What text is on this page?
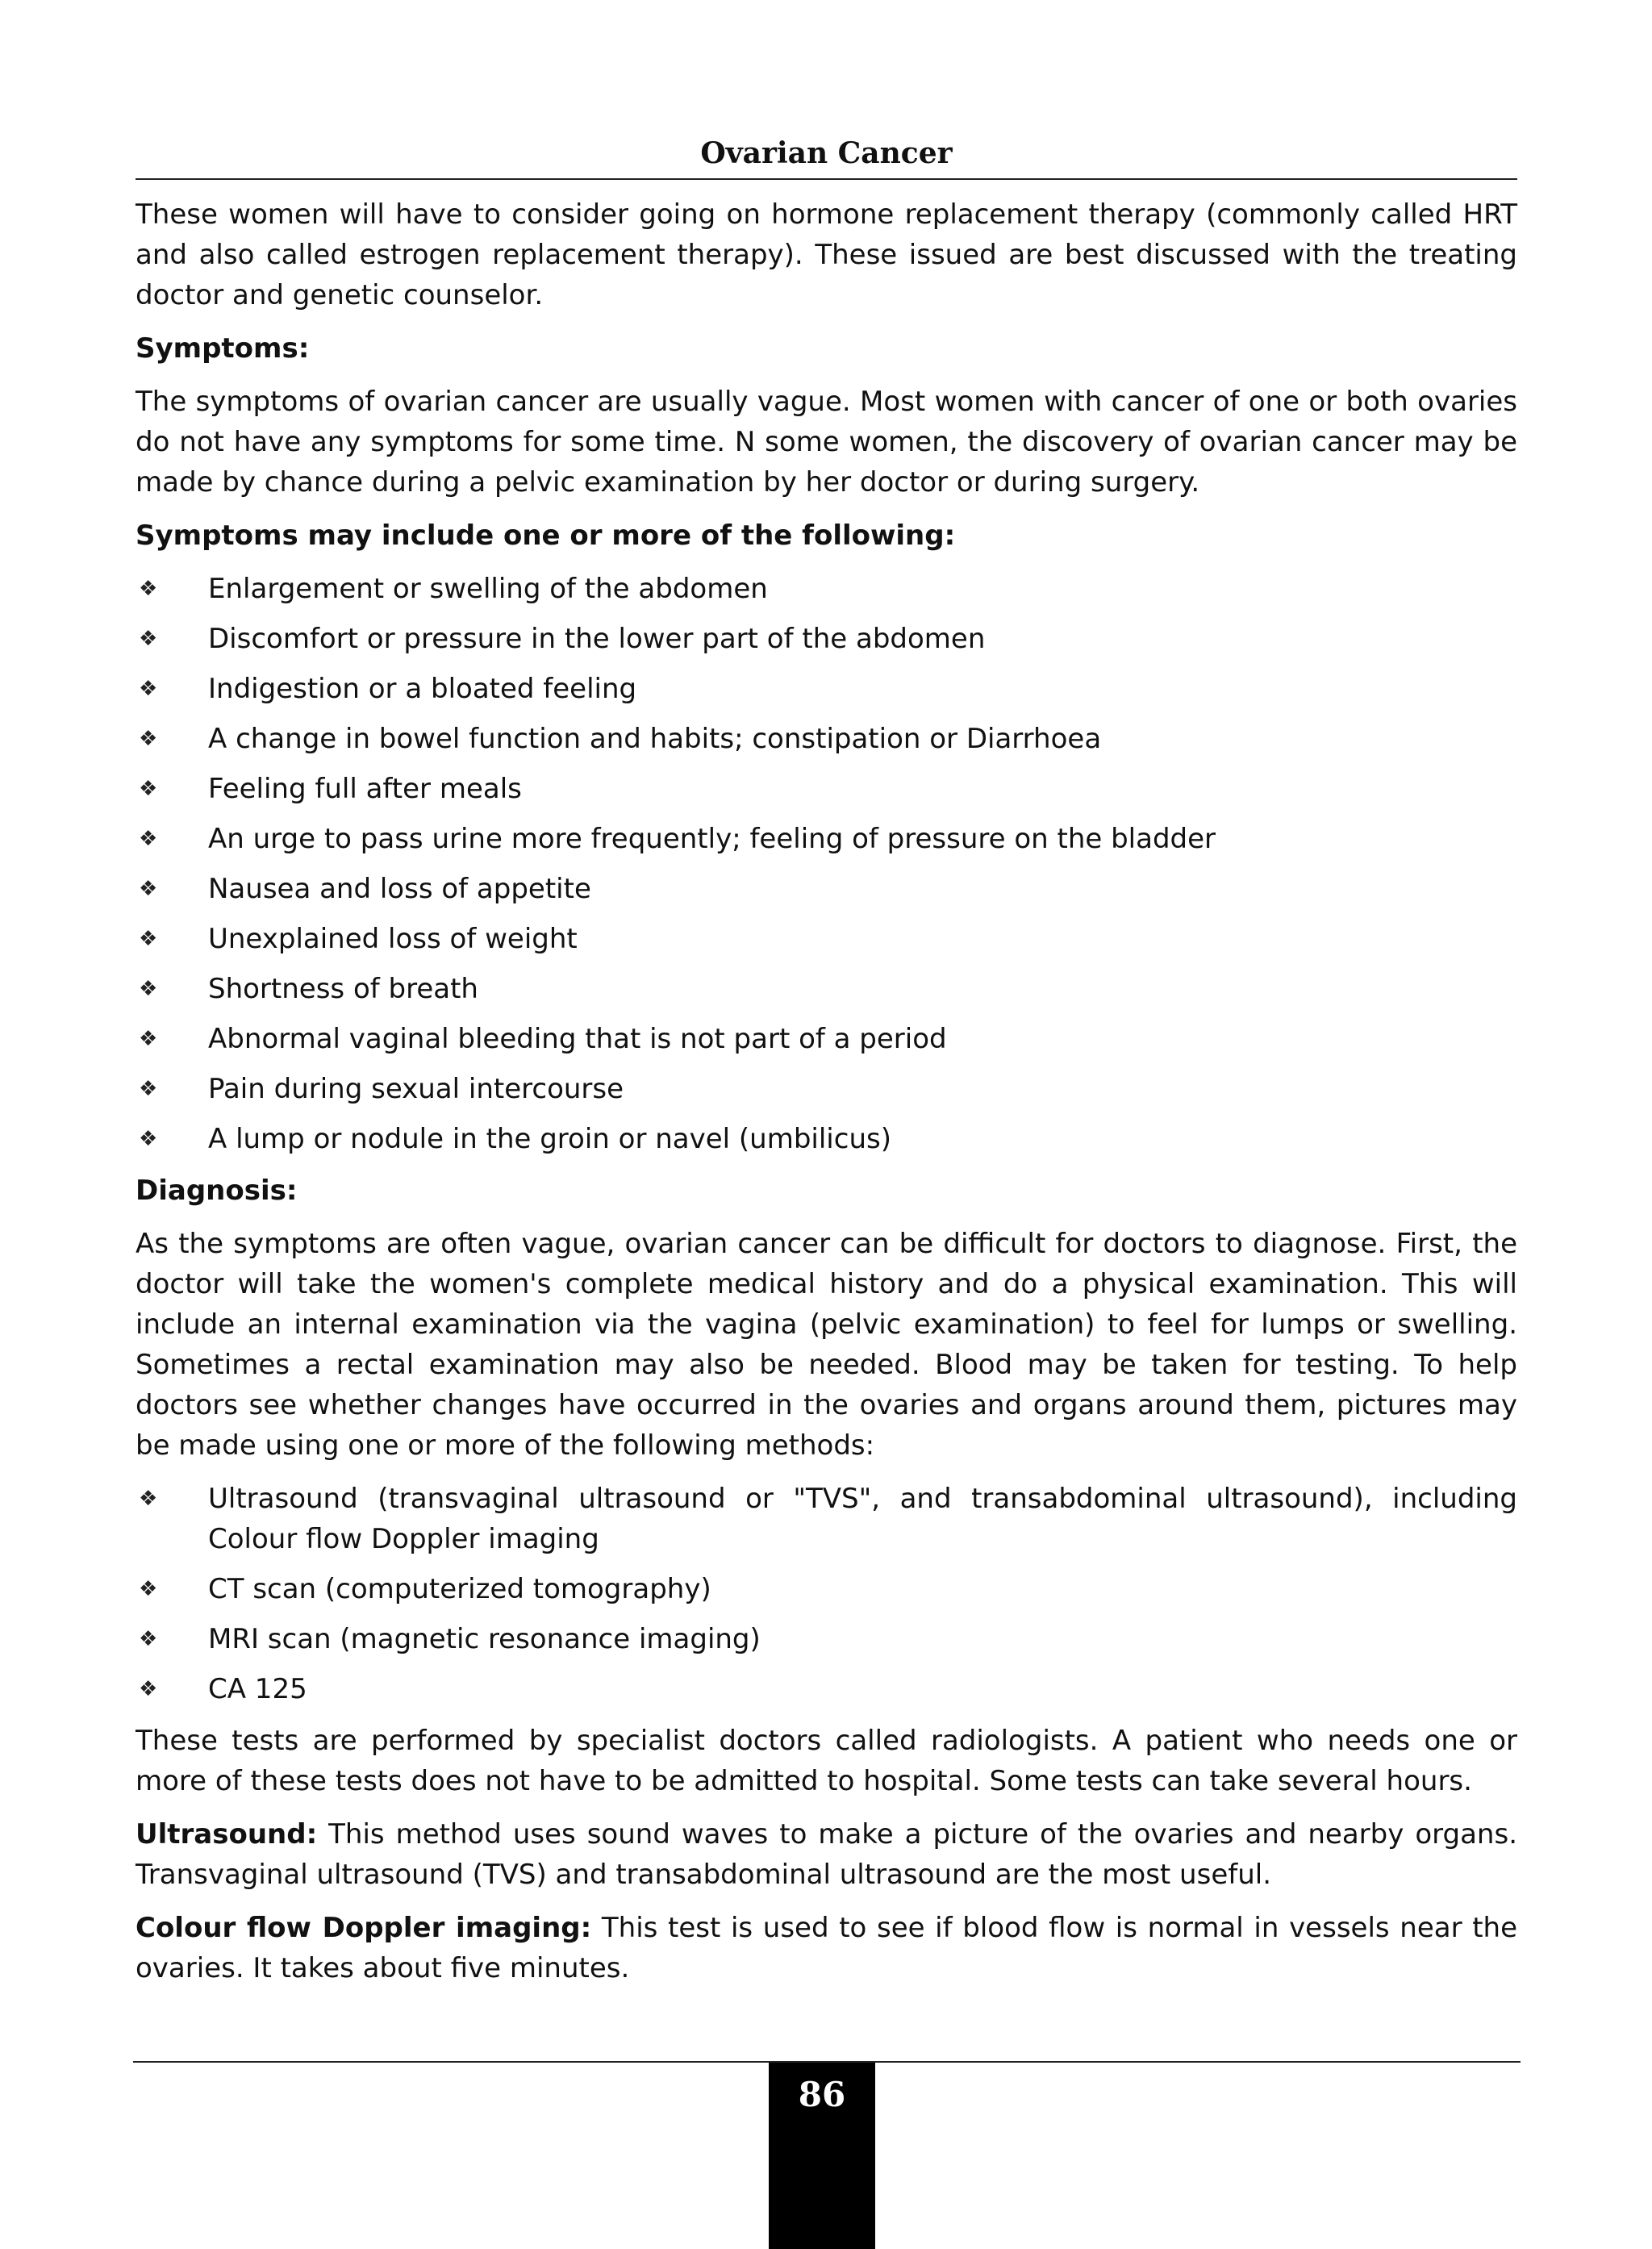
Ovarian Cancer

These women will have to consider going on hormone replacement therapy (commonly called HRT and also called estrogen replacement therapy). These issued are best discussed with the treating doctor and genetic counselor.

Symptoms:

The symptoms of ovarian cancer are usually vague. Most women with cancer of one or both ovaries do not have any symptoms for some time. N some women, the discovery of ovarian cancer may be made by chance during a pelvic examination by her doctor or during surgery.

Symptoms may include one or more of the following:
❖	Enlargement or swelling of the abdomen
❖	Discomfort or pressure in the lower part of the abdomen
❖	Indigestion or a bloated feeling
❖	A change in bowel function and habits; constipation or Diarrhoea
❖	Feeling full after meals
❖	An urge to pass urine more frequently; feeling of pressure on the bladder
❖	Nausea and loss of appetite
❖	Unexplained loss of weight
❖	Shortness of breath
❖	Abnormal vaginal bleeding that is not part of a period
❖	Pain during sexual intercourse
❖	A lump or nodule in the groin or navel (umbilicus)
Diagnosis:

As the symptoms are often vague, ovarian cancer can be difficult for doctors to diagnose. First, the doctor will take the women's complete medical history and do a physical examination. This will include an internal examination via the vagina (pelvic examination) to feel for lumps or swelling. Sometimes a rectal examination may also be needed. Blood may be taken for testing. To help doctors see whether changes have occurred in the ovaries and organs around them, pictures may be made using one or more of the following methods:

❖	Ultrasound (transvaginal ultrasound or "TVS", and transabdominal ultrasound), including Colour flow Doppler imaging
❖	CT scan (computerized tomography)
❖	MRI scan (magnetic resonance imaging)
❖	CA 125

These tests are performed by specialist doctors called radiologists. A patient who needs one or more of these tests does not have to be admitted to hospital. Some tests can take several hours.

Ultrasound: This method uses sound waves to make a picture of the ovaries and nearby organs. Transvaginal ultrasound (TVS) and transabdominal ultrasound are the most useful.

Colour flow Doppler imaging: This test is used to see if blood flow is normal in vessels near the ovaries. It takes about five minutes.

86
